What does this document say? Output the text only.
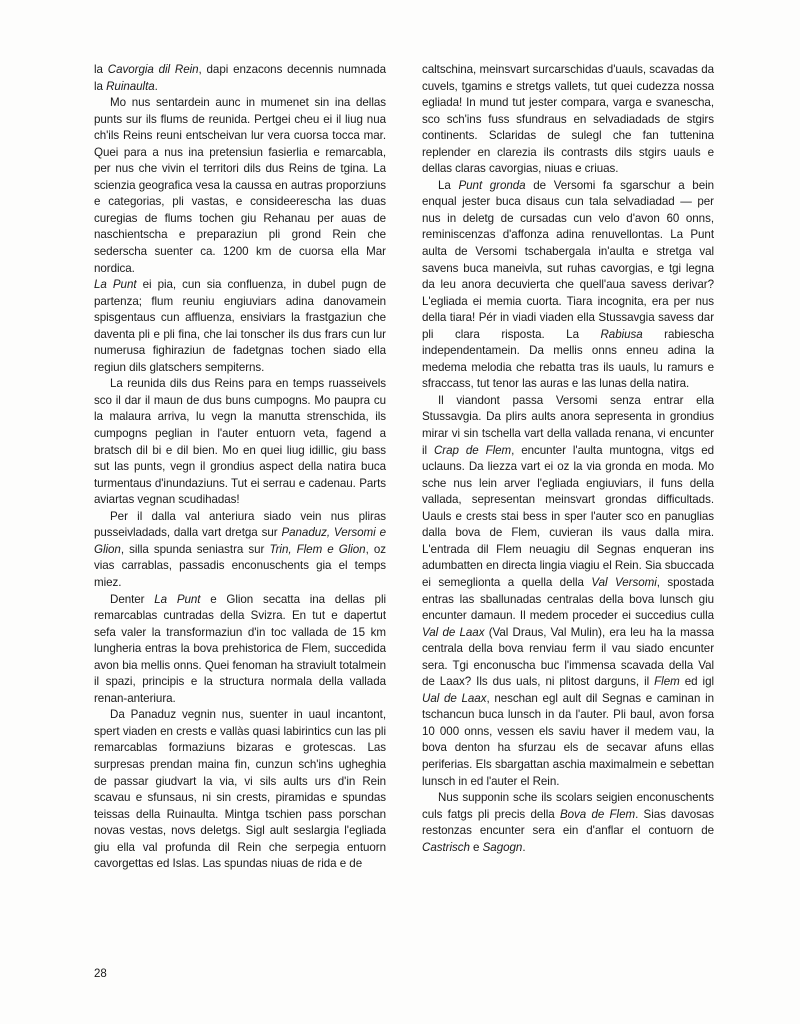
la Cavorgia dil Rein, dapi enzacons decennis numnada la Ruinaulta.

Mo nus sentardein aunc in mumenet sin ina dellas punts sur ils flums de reunida. Pertgei cheu ei il liug nua ch'ils Reins reuni entscheivan lur vera cuorsa tocca mar. Quei para a nus ina pretensiun fasierlia e remarcabla, per nus che vivin el territori dils dus Reins de tgina. La scienzia geografica vesa la caussa en autras proporziuns e categorias, pli vastas, e consideerescha las duas curegias de flums tochen giu Rehanau per auas de naschientscha e preparaziun pli grond Rein che sederscha suenter ca. 1200 km de cuorsa ella Mar nordica.

La Punt ei pia, cun sia confluenza, in dubel pugn de partenza; flum reuniu engiuviars adina danovamein spisgentaus cun affluenza, ensiviars la frastgaziun che daventa pli e pli fina, che lai tonscher ils dus frars cun lur numerusa fighiraziun de fadetgnas tochen siado ella regiun dils glatschers sempiterns.

La reunida dils dus Reins para en temps ruasseivels sco il dar il maun de dus buns cumpogns. Mo paupra cu la malaura arriva, lu vegn la manutta strenschida, ils cumpogns peglian in l'auter entuorn veta, fagend a bratsch dil bi e dil bien. Mo en quei liug idillic, giu bass sut las punts, vegn il grondius aspect della natira buca turmentaus d'inundaziuns. Tut ei serrau e cadenau. Parts aviartas vegnan scudihadas!

Per il dalla val anteriura siado vein nus pliras pusseivladads, dalla vart dretga sur Panaduz, Versomi e Glion, silla spunda seniastra sur Trin, Flem e Glion, oz vias carrablas, passadis enconuschents gia el temps miez.

Denter La Punt e Glion secatta ina dellas pli remarcablas cuntradas della Svizra. En tut e dapertut sefa valer la transformaziun d'in toc vallada de 15 km lungheria entras la bova prehistorica de Flem, succedida avon bia mellis onns. Quei fenoman ha straviult totalmein il spazi, principis e la structura normala della vallada renan-anteriura.

Da Panaduz vegnin nus, suenter in uaul incantont, spert viaden en crests e vallàs quasi labirintics cun las pli remarcablas formaziuns bizaras e grotescas. Las surpresas prendan maina fin, cunzun sch'ins ugheghia de passar giudvart la via, vi sils aults urs d'in Rein scavau e sfunsaus, ni sin crests, piramidas e spundas teissas della Ruinaulta. Mintga tschien pass porschan novas vestas, novs deletgs. Sigl ault seslargia l'egliada giu ella val profunda dil Rein che serpegia entuorn cavorgettas ed Islas. Las spundas niuas de rida e de

caltschina, meinsvart surcarschidas d'uauls, scavadas da cuvels, tgamins e stretgs vallets, tut quei cudezza nossa egliada! In mund tut jester compara, varga e svanescha, sco sch'ins fuss sfundraus en selvadiadads de stgirs continents. Sclaridas de sulegl che fan tuttenina replender en clarezia ils contrasts dils stgirs uauls e dellas claras cavorgias, niuas e criuas.

La Punt gronda de Versomi fa sgarschur a bein enqual jester buca disaus cun tala selvadiadad — per nus in deletg de cursadas cun velo d'avon 60 onns, reminiscenzas d'affonza adina renuvellontas. La Punt aulta de Versomi tschabergala in'aulta e stretga val savens buca maneivla, sut ruhas cavorgias, e tgi legna da leu anora decuvierta che quell'aua savess derivar? L'egliada ei memia cuorta. Tiara incognita, era per nus della tiara! Pér in viadi viaden ella Stussavgia savess dar pli clara risposta. La Rabiusa rabiescha independentamein. Da mellis onns enneu adina la medema melodia che rebatta tras ils uauls, lu ramurs e sfraccass, tut tenor las auras e las lunas della natira.

Il viandont passa Versomi senza entrar ella Stussavgia. Da plirs aults anora sepresenta in grondius mirar vi sin tschella vart della vallada renana, vi encunter il Crap de Flem, encunter l'aulta muntogna, vitgs ed uclauns. Da liezza vart ei oz la via gronda en moda. Mo sche nus lein arver l'egliada engiuviars, il funs della vallada, sepresentan meinsvart grondas difficultads. Uauls e crests stai bess in sper l'auter sco en panuglias dalla bova de Flem, cuvieran ils vaus dalla mira. L'entrada dil Flem neuagiu dil Segnas enqueran ins adumbatten en directa lingia viagiu el Rein. Sia sbuccada ei semeglionta a quella della Val Versomi, spostada entras las sballunadas centralas della bova lunsch giu encunter damaun. Il medem proceder ei succedius culla Val de Laax (Val Draus, Val Mulin), era leu ha la massa centrala della bova renviau ferm il vau siado encunter sera. Tgi enconuscha buc l'immensa scavada della Val de Laax? Ils dus uals, ni plitost darguns, il Flem ed igl Ual de Laax, neschan egl ault dil Segnas e caminan in tschancun buca lunsch in da l'auter. Pli baul, avon forsa 10 000 onns, vessen els saviu haver il medem vau, la bova denton ha sfurzau els de secavar afuns ellas periferias. Els sbargattan aschia maximalmein e sebettan lunsch in ed l'auter el Rein.

Nus supponin sche ils scolars seigien enconuschents culs fatgs pli precis della Bova de Flem. Sias davosas restonzas encunter sera ein d'anflar el contuorn de Castrisch e Sagogn.

28
